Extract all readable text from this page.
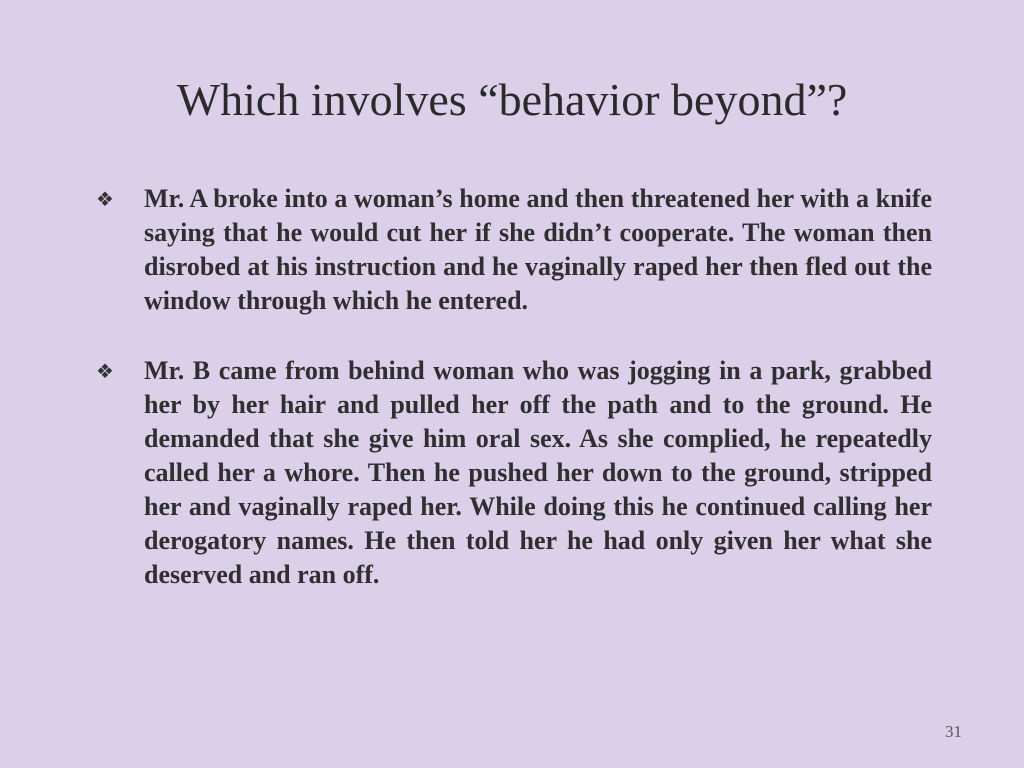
Which involves “behavior beyond”?
❖ Mr. A broke into a woman’s home and then threatened her with a knife saying that he would cut her if she didn’t cooperate. The woman then disrobed at his instruction and he vaginally raped her then fled out the window through which he entered.
❖ Mr. B came from behind woman who was jogging in a park, grabbed her by her hair and pulled her off the path and to the ground. He demanded that she give him oral sex. As she complied, he repeatedly called her a whore. Then he pushed her down to the ground, stripped her and vaginally raped her. While doing this he continued calling her derogatory names. He then told her he had only given her what she deserved and ran off.
31
